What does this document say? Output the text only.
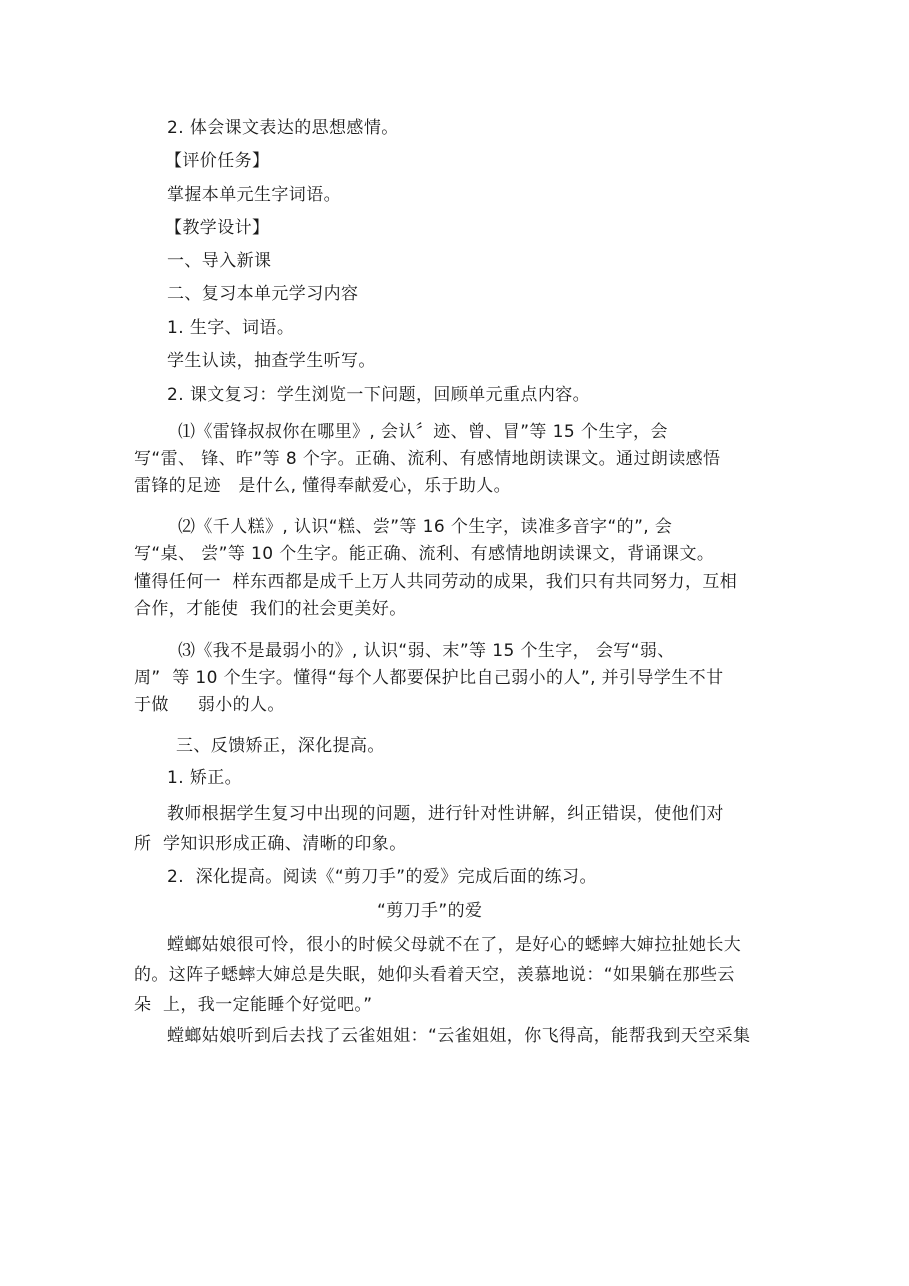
2. 体会课文表达的思想感情。
【评价任务】
掌握本单元生字词语。
【教学设计】
一、导入新课
二、复习本单元学习内容
1. 生字、词语。
学生认读，抽查学生听写。
2. 课文复习：学生浏览一下问题，回顾单元重点内容。
⑴《雷锋叔叔你在哪里》, 会认〞迹、曾、冒”等 15 个生字，会
写“雷、 锋、昨”等 8 个字。正确、流利、有感情地朗读课文。通过朗读感悟
雷锋的足迹   是什么, 懂得奉献爱心，乐于助人。
⑵《千人糕》, 认识“糕、尝”等 16 个生字，读准多音字“的”, 会
写“桌、 尝”等 10 个生字。能正确、流利、有感情地朗读课文，背诵课文。
懂得任何一  样东西都是成千上万人共同劳动的成果，我们只有共同努力，互相
合作，才能使  我们的社会更美好。
⑶《我不是最弱小的》, 认识“弱、末”等 15 个生字， 会写“弱、
周”  等 10 个生字。懂得“每个人都要保护比自己弱小的人”, 并引导学生不甘
于做     弱小的人。
三、反馈矫正，深化提高。
1. 矫正。
教师根据学生复习中出现的问题，进行针对性讲解，纠正错误，使他们对
所  学知识形成正确、清晰的印象。
2.  深化提高。阅读《“剪刀手”的爱》完成后面的练习。
“剪刀手”的爱
螳螂姑娘很可怜，很小的时候父母就不在了，是好心的蟋蟀大婶拉扯她长大
的。这阵子蟋蟀大婶总是失眠，她仰头看着天空，羡慕地说：“如果躺在那些云
朵  上，我一定能睡个好觉吧。”
螳螂姑娘听到后去找了云雀姐姐：“云雀姐姐，你飞得高，能帮我到天空采集
